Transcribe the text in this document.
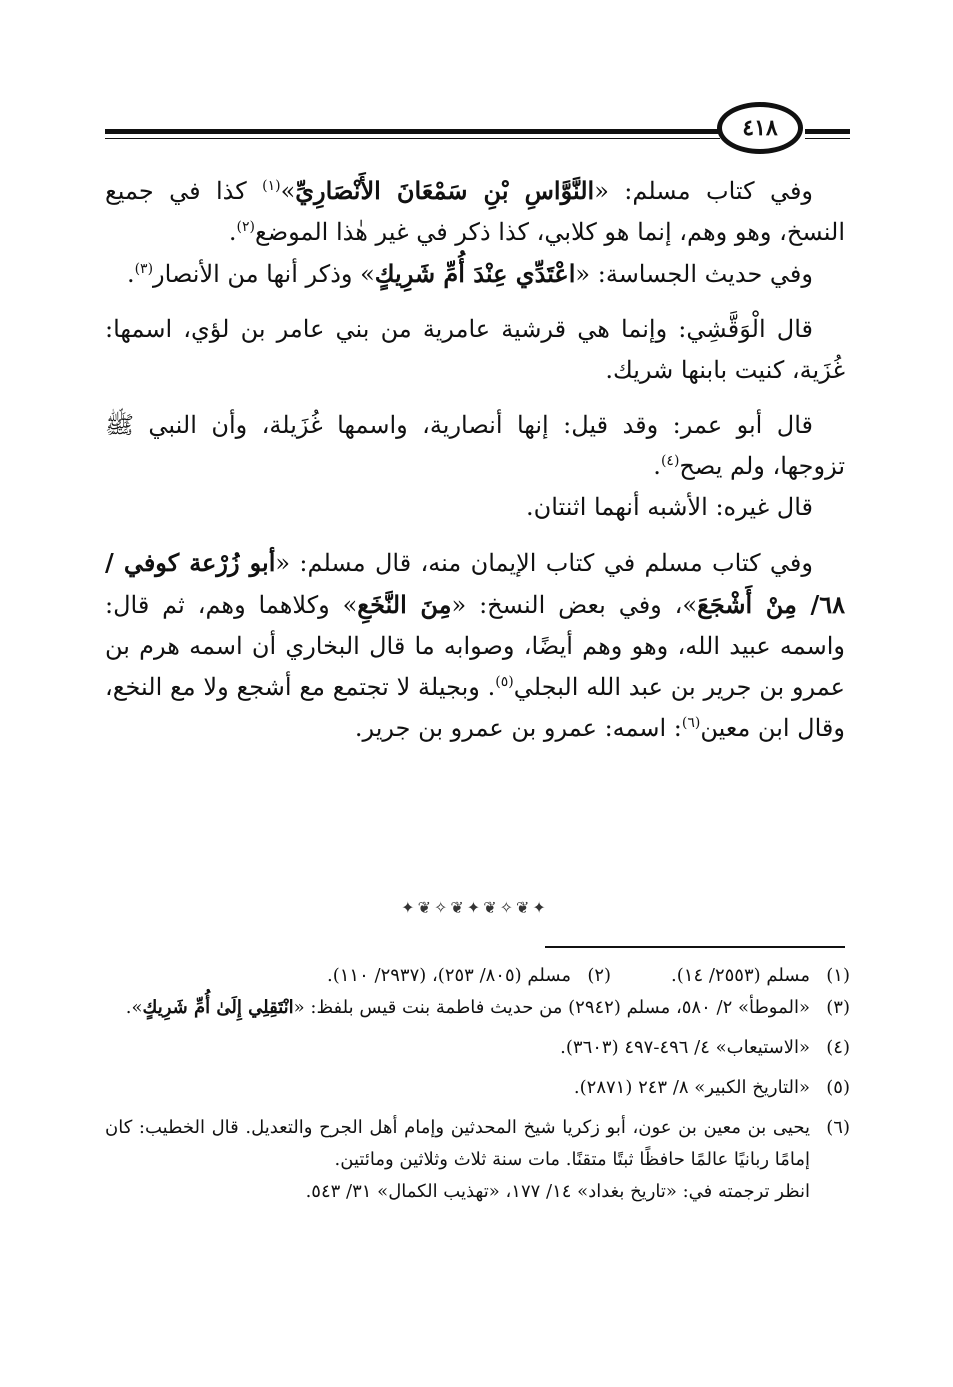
٤١٨

وفي كتاب مسلم: «النَّوَّاسِ بْنِ سَمْعَانَ الأَنْصَارِيِّ»$^{(١)}$ كذا في جميع النسخ، وهو وهم، إنما هو كلابي، كذا ذكر في غير هٰذا الموضع$^{(٢)}$.

وفي حديث الجساسة: «اعْتَدِّي عِنْدَ أُمِّ شَرِيكٍ» وذكر أنها من الأنصار$^{(٣)}$.

قال الْوَقَّشِي: وإنما هي قرشية عامرية من بني عامر بن لؤي، اسمها: غُزَية، كنيت بابنها شريك.

قال أبو عمر: وقد قيل: إنها أنصارية، واسمها غُزَيلة، وأن النبي ﷺ تزوجها، ولم يصح$^{(٤)}$.

قال غيره: الأشبه أنهما اثنتان.

وفي كتاب مسلم في كتاب الإيمان منه، قال مسلم: «أبو زُرْعة كوفي /٦٨/ مِنْ أَشْجَعَ»، وفي بعض النسخ: «مِنَ النَّخَعِ» وكلاهما وهم، ثم قال: واسمه عبيد الله، وهو وهم أيضًا، وصوابه ما قال البخاري أن اسمه هرم بن عمرو بن جرير بن عبد الله البجلي$^{(٥)}$. وبجيلة لا تجتمع مع أشجع ولا مع النخع، وقال ابن معين$^{(٦)}$: اسمه: عمرو بن عمرو بن جرير.

✦❦✧❦✦❦✧❦✦
(١)
مسلم (٢٥٥٣/ ١٤).
(٢)
مسلم (٨٠٥/ ٢٥٣)، (٢٩٣٧/ ١١٠).
(٣)
«الموطأ» ٢/ ٥٨٠، مسلم (٢٩٤٢) من حديث فاطمة بنت قيس بلفظ: «انْتَقِلِي إِلَىٰ أُمِّ شَرِيكٍ».
(٤)
«الاستيعاب» ٤/ ٤٩٦-٤٩٧ (٣٦٠٣).
(٥)
«التاريخ الكبير» ٨/ ٢٤٣ (٢٨٧١).
(٦)
يحيى بن معين بن عون، أبو زكريا شيخ المحدثين وإمام أهل الجرح والتعديل. قال الخطيب: كان إمامًا ربانيًا عالمًا حافظًا ثبتًا متقنًا. مات سنة ثلاث وثلاثين ومائتين.
انظر ترجمته في: «تاريخ بغداد» ١٤/ ١٧٧، «تهذيب الكمال» ٣١/ ٥٤٣.
